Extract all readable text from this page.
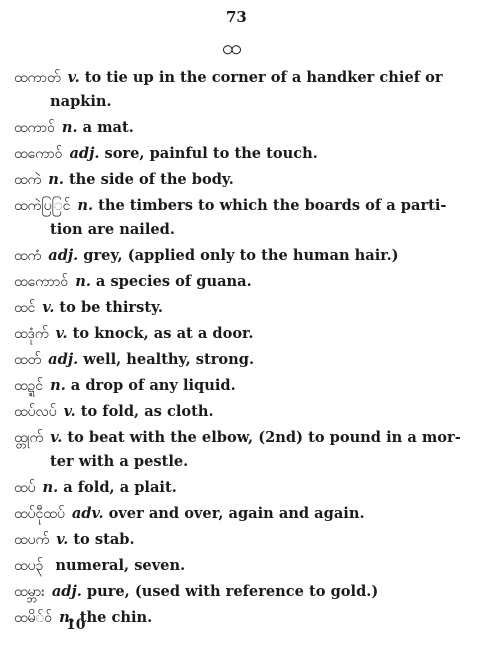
73
ထ
ထကာတ် v. to tie up in the corner of a handker chief or
napkin.
ထကာဝ် n. a mat.
ထကောဝ် adj. sore, painful to the touch.
ထကဲ n. the side of the body.
ထကဲပြြင် n. the timbers to which the boards of a parti-
tion are nailed.
ထကံ adj. grey, (applied only to the human hair.)
ထကောာဝ် n. a species of guana.
ထင် v. to be thirsty.
ထဒုံက် v. to knock, as at a door.
ထတ် adj. well, healthy, strong.
ထဍ္ဍင် n. a drop of any liquid.
ထပ်လပ် v. to fold, as cloth.
ထ္တုက် v. to beat with the elbow, (2nd) to pound in a mor-
ter with a pestle.
ထပ် n. a fold, a plait.
ထပ်ငီုထပ် adv. over and over, again and again.
ထပက် v. to stab.
ထပ၃် numeral, seven.
ထမ္ဘား adj. pure, (used with reference to gold.)
ထမိ်ဝ် n. the chin.
10
